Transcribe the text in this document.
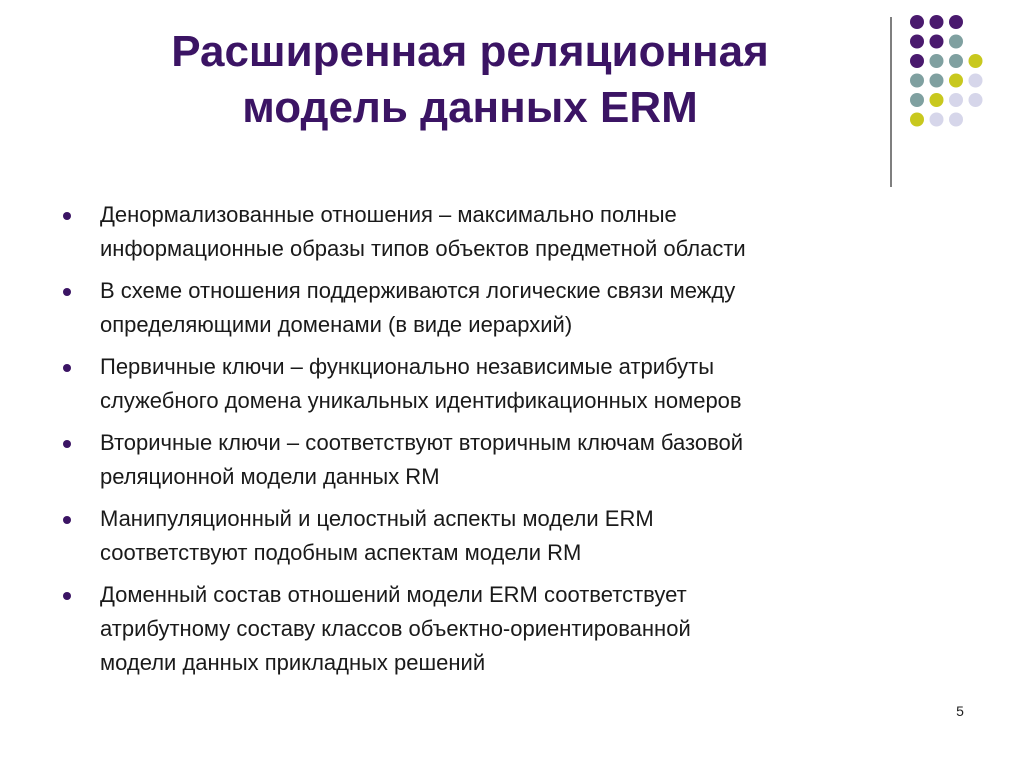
Расширенная реляционная
модель данных ERM
Денормализованные отношения – максимально полные
информационные образы типов объектов предметной области
В схеме отношения поддерживаются логические связи между
определяющими доменами (в виде иерархий)
Первичные ключи – функционально независимые атрибуты
служебного домена уникальных идентификационных номеров
Вторичные ключи – соответствуют вторичным ключам базовой
реляционной модели данных RM
Манипуляционный и целостный аспекты модели ERM
соответствуют подобным аспектам модели RM
Доменный состав отношений модели ERM соответствует
атрибутному составу классов объектно-ориентированной
модели данных прикладных решений
5
